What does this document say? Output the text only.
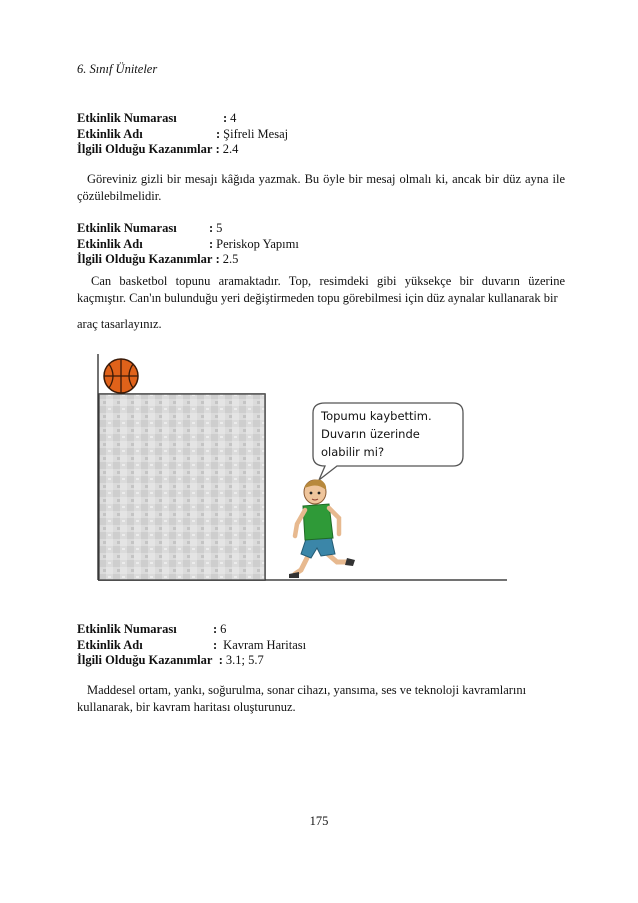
6. Sınıf Üniteler
Etkinlik Numarası	: 4
Etkinlik Adı	: Şifreli Mesaj
İlgili Olduğu Kazanımlar : 2.4
Göreviniz gizli bir mesajı kâğıda yazmak. Bu öyle bir mesaj olmalı ki, ancak bir düz ayna ile çözülebilmelidir.
Etkinlik Numarası	: 5
Etkinlik Adı	: Periskop Yapımı
İlgili Olduğu Kazanımlar : 2.5
Can basketbol topunu aramaktadır. Top, resimdeki gibi yüksekçe bir duvarın üzerine kaçmıştır. Can'ın bulunduğu yeri değiştirmeden topu görebilmesi için düz aynalar kullanarak bir
araç tasarlayınız.
Topumu kaybettim.
Duvarın üzerinde
olabilir mi?
Etkinlik Numarası	: 6
Etkinlik Adı	: Kavram Haritası
İlgili Olduğu Kazanımlar : 3.1; 5.7
Maddesel ortam, yankı, soğurulma, sonar cihazı, yansıma, ses ve teknoloji kavramlarını kullanarak, bir kavram haritası oluşturunuz.
175
